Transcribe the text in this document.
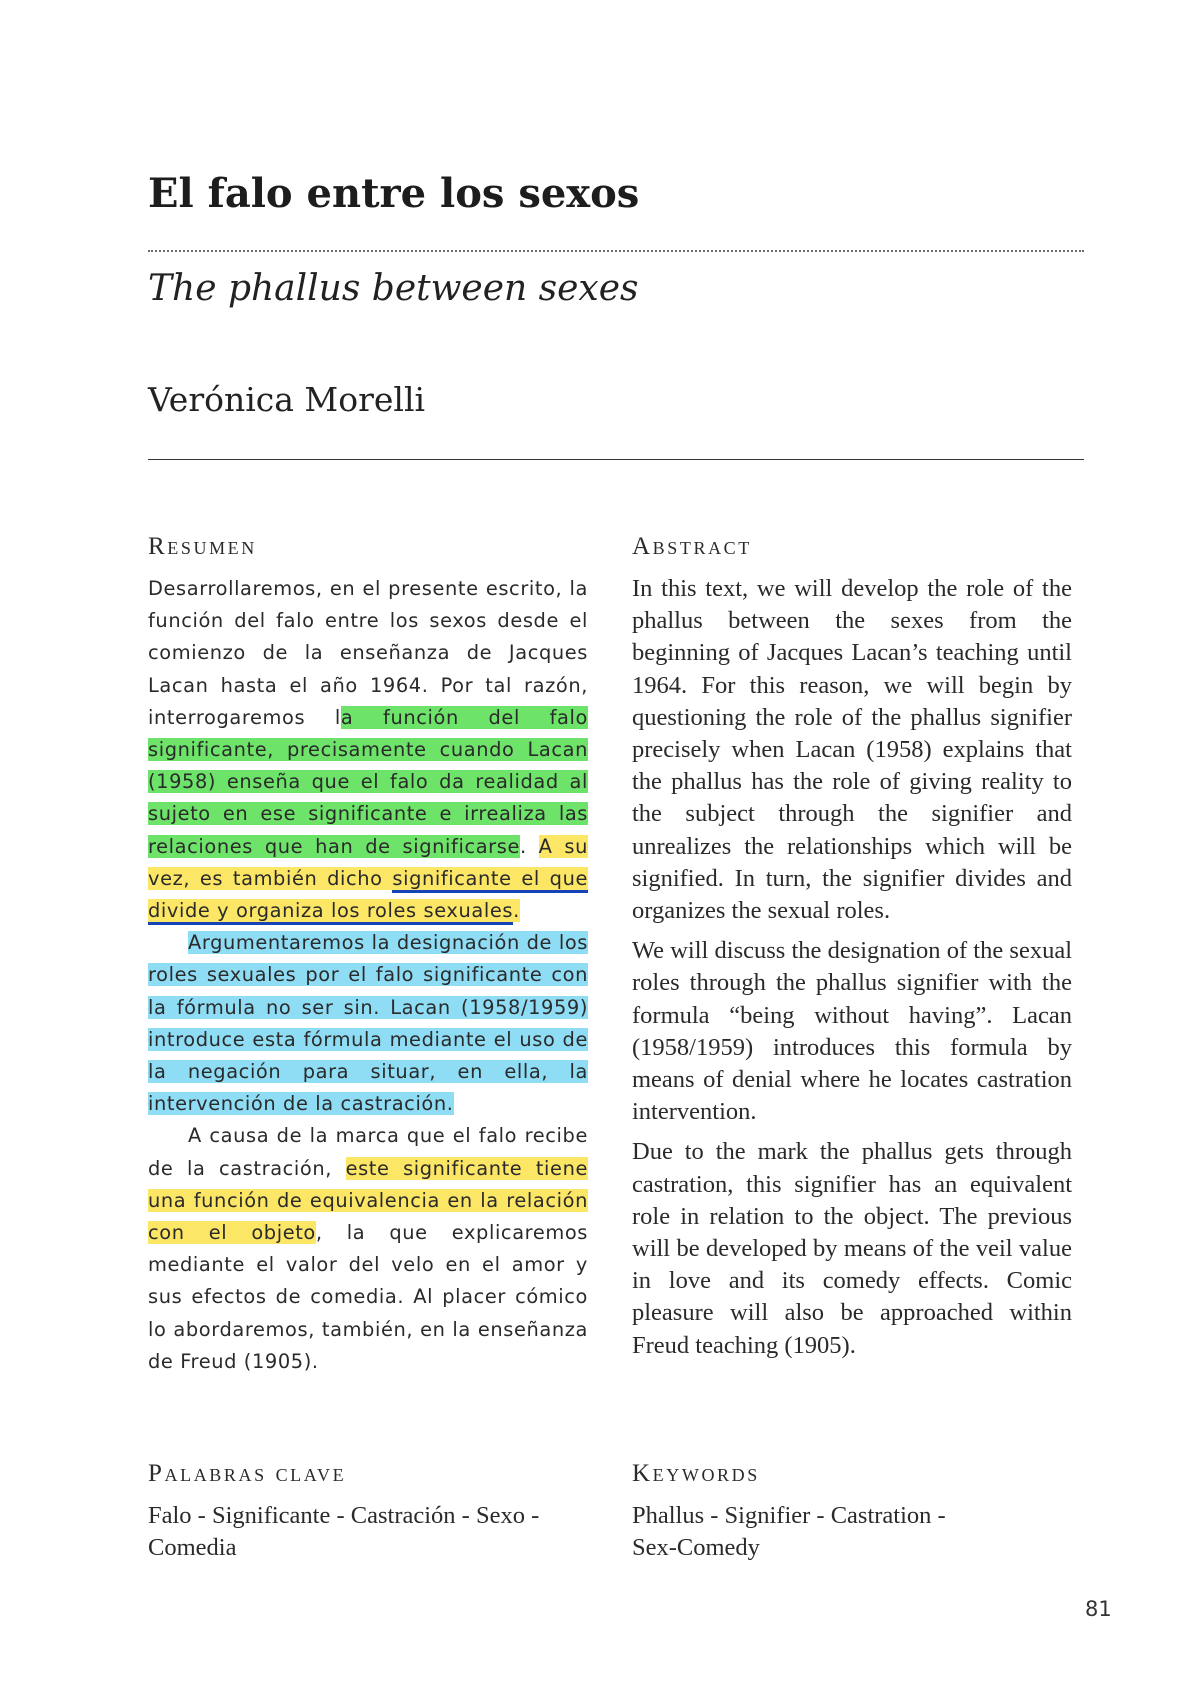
El falo entre los sexos
The phallus between sexes
Verónica Morelli
Resumen	Abstract

Desarrollaremos, en el presente escrito, la función del falo entre los sexos desde el comienzo de la enseñanza de Jacques Lacan hasta el año 1964. Por tal razón, interrogaremos la función del falo significante, precisamente cuando Lacan (1958) enseña que el falo da realidad al sujeto en ese significante e irrealiza las relaciones que han de significarse. A su vez, es también dicho significante el que divide y organiza los roles sexuales.

Argumentaremos la designación de los roles sexuales por el falo significante con la fórmula no ser sin. Lacan (1958/1959) introduce esta fórmula mediante el uso de la negación para situar, en ella, la intervención de la castración.

A causa de la marca que el falo recibe de la castración, este significante tiene una función de equivalencia en la relación con el objeto, la que explicaremos mediante el valor del velo en el amor y sus efectos de comedia. Al placer cómico lo abordaremos, también, en la enseñanza de Freud (1905).

In this text, we will develop the role of the phallus between the sexes from the beginning of Jacques Lacan’s teaching until 1964. For this reason, we will begin by questioning the role of the phallus signifier precisely when Lacan (1958) explains that the phallus has the role of giving reality to the subject through the signifier and unrealizes the relationships which will be signified. In turn, the signifier divides and organizes the sexual roles.

We will discuss the designation of the sexual roles through the phallus signifier with the formula “being without having”. Lacan (1958/1959) introduces this formula by means of denial where he locates castration intervention.

Due to the mark the phallus gets through castration, this signifier has an equivalent role in relation to the object. The previous will be developed by means of the veil value in love and its comedy effects. Comic pleasure will also be approached within Freud teaching (1905).

Palabras clave	Keywords
Falo - Significante - Castración - Sexo -
Comedia
Phallus - Signifier - Castration -
Sex-Comedy
81
